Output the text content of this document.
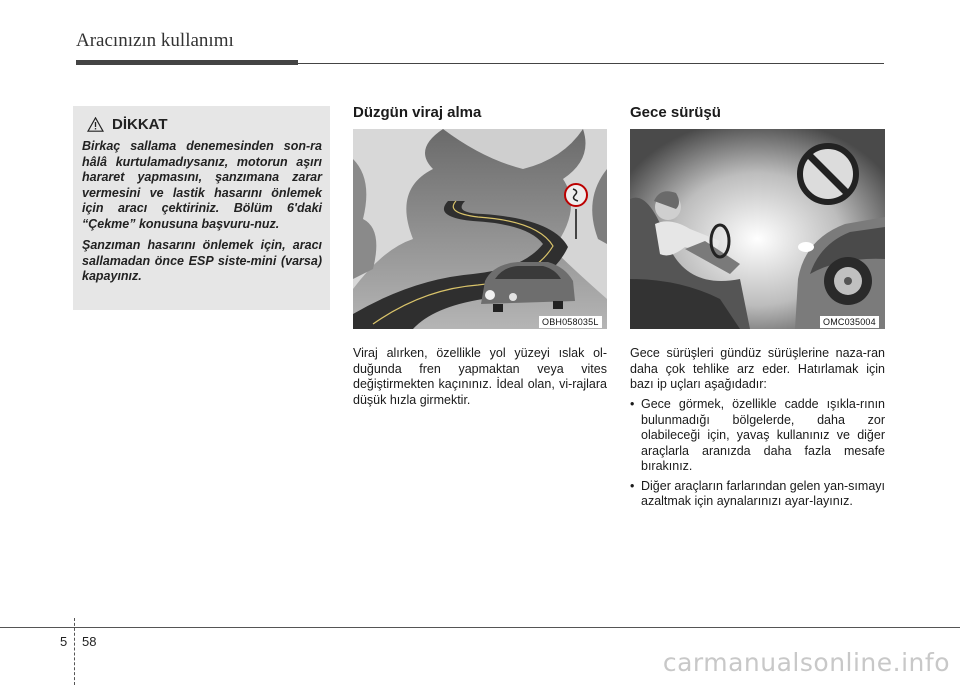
Aracınızın kullanımı
DİKKAT

Birkaç sallama denemesinden son-ra hâlâ kurtulamadıysanız, motorun aşırı hararet yapmasını, şanzımana zarar vermesini ve lastik hasarını önlemek için aracı çektiriniz. Bölüm 6'daki “Çekme” konusuna başvuru-nuz.

Şanzıman hasarını önlemek için, aracı sallamadan önce ESP siste-mini (varsa) kapayınız.

Düzgün viraj alma
OBH058035L

Viraj alırken, özellikle yol yüzeyi ıslak ol-duğunda fren yapmaktan veya vites değiştirmekten kaçınınız. İdeal olan, vi-rajlara düşük hızla girmektir.

Gece sürüşü
OMC035004

Gece sürüşleri gündüz sürüşlerine naza-ran daha çok tehlike arz eder. Hatırlamak için bazı ip uçları aşağıdadır:

• Gece görmek, özellikle cadde ışıkla-rının bulunmadığı bölgelerde, daha zor olabileceği için, yavaş kullanınız ve diğer araçlarla aranızda daha fazla mesafe bırakınız.
• Diğer araçların farlarından gelen yan-sımayı azaltmak için aynalarınızı ayar-layınız.
5 58
carmanualsonline.info
